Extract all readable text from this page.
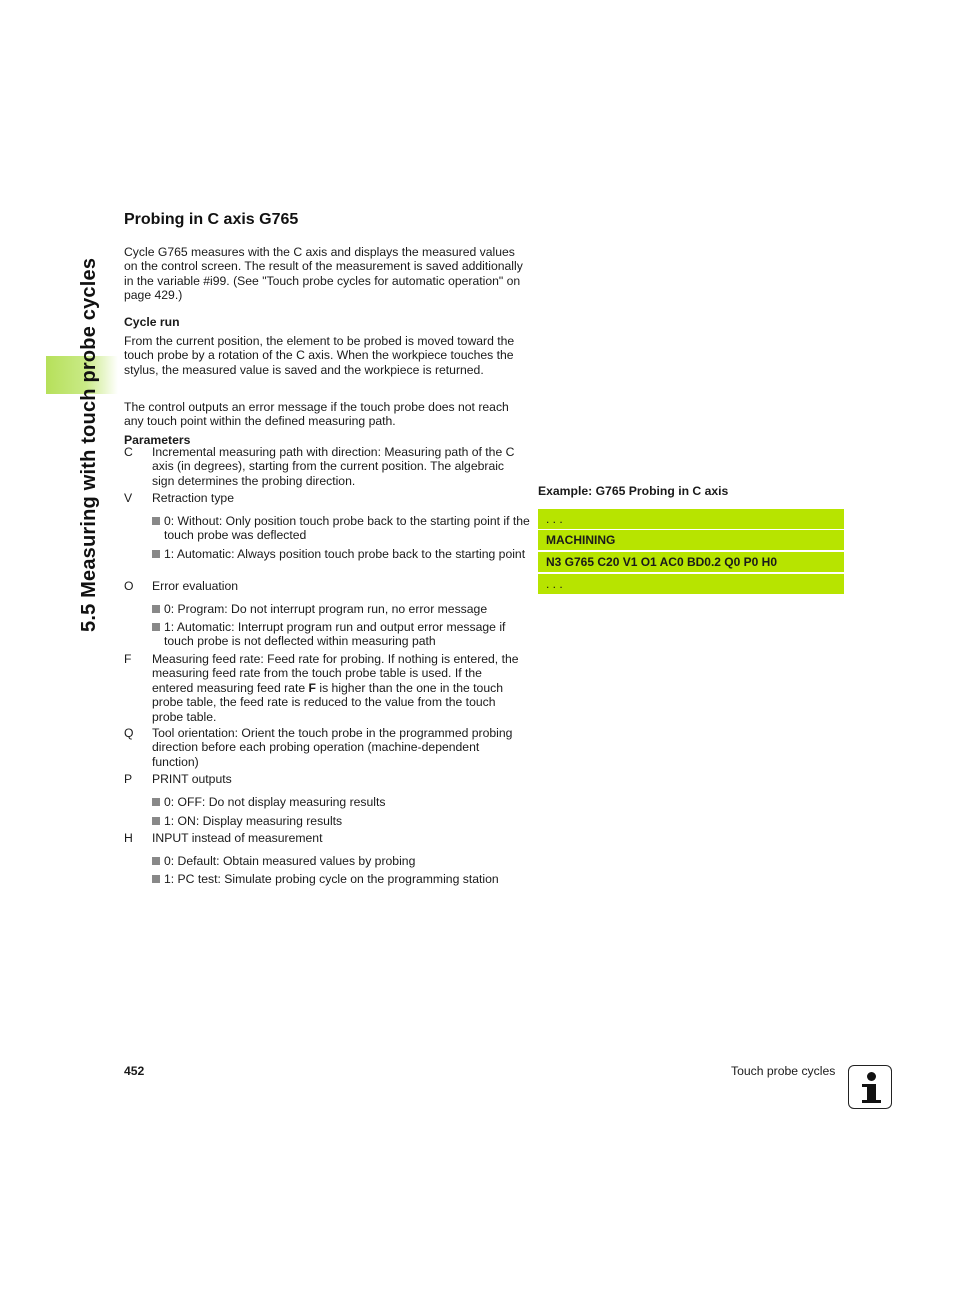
5.5 Measuring with touch probe cycles
Probing in C axis G765
Cycle G765 measures with the C axis and displays the measured values on the control screen. The result of the measurement is saved additionally in the variable #i99. (See "Touch probe cycles for automatic operation" on page 429.)
Cycle run
From the current position, the element to be probed is moved toward the touch probe by a rotation of the C axis. When the workpiece touches the stylus, the measured value is saved and the workpiece is returned.
The control outputs an error message if the touch probe does not reach any touch point within the defined measuring path.
Parameters
C Incremental measuring path with direction: Measuring path of the C axis (in degrees), starting from the current position. The algebraic sign determines the probing direction.
V Retraction type
0: Without: Only position touch probe back to the starting point if the touch probe was deflected
1: Automatic: Always position touch probe back to the starting point
O Error evaluation
0: Program: Do not interrupt program run, no error message
1: Automatic: Interrupt program run and output error message if touch probe is not deflected within measuring path
F Measuring feed rate: Feed rate for probing. If nothing is entered, the measuring feed rate from the touch probe table is used. If the entered measuring feed rate F is higher than the one in the touch probe table, the feed rate is reduced to the value from the touch probe table.
Q Tool orientation: Orient the touch probe in the programmed probing direction before each probing operation (machine-dependent function)
P PRINT outputs
0: OFF: Do not display measuring results
1: ON: Display measuring results
H INPUT instead of measurement
0: Default: Obtain measured values by probing
1: PC test: Simulate probing cycle on the programming station
Example: G765 Probing in C axis
. . .
MACHINING
N3 G765 C20 V1 O1 AC0 BD0.2 Q0 P0 H0
. . .
452	Touch probe cycles
